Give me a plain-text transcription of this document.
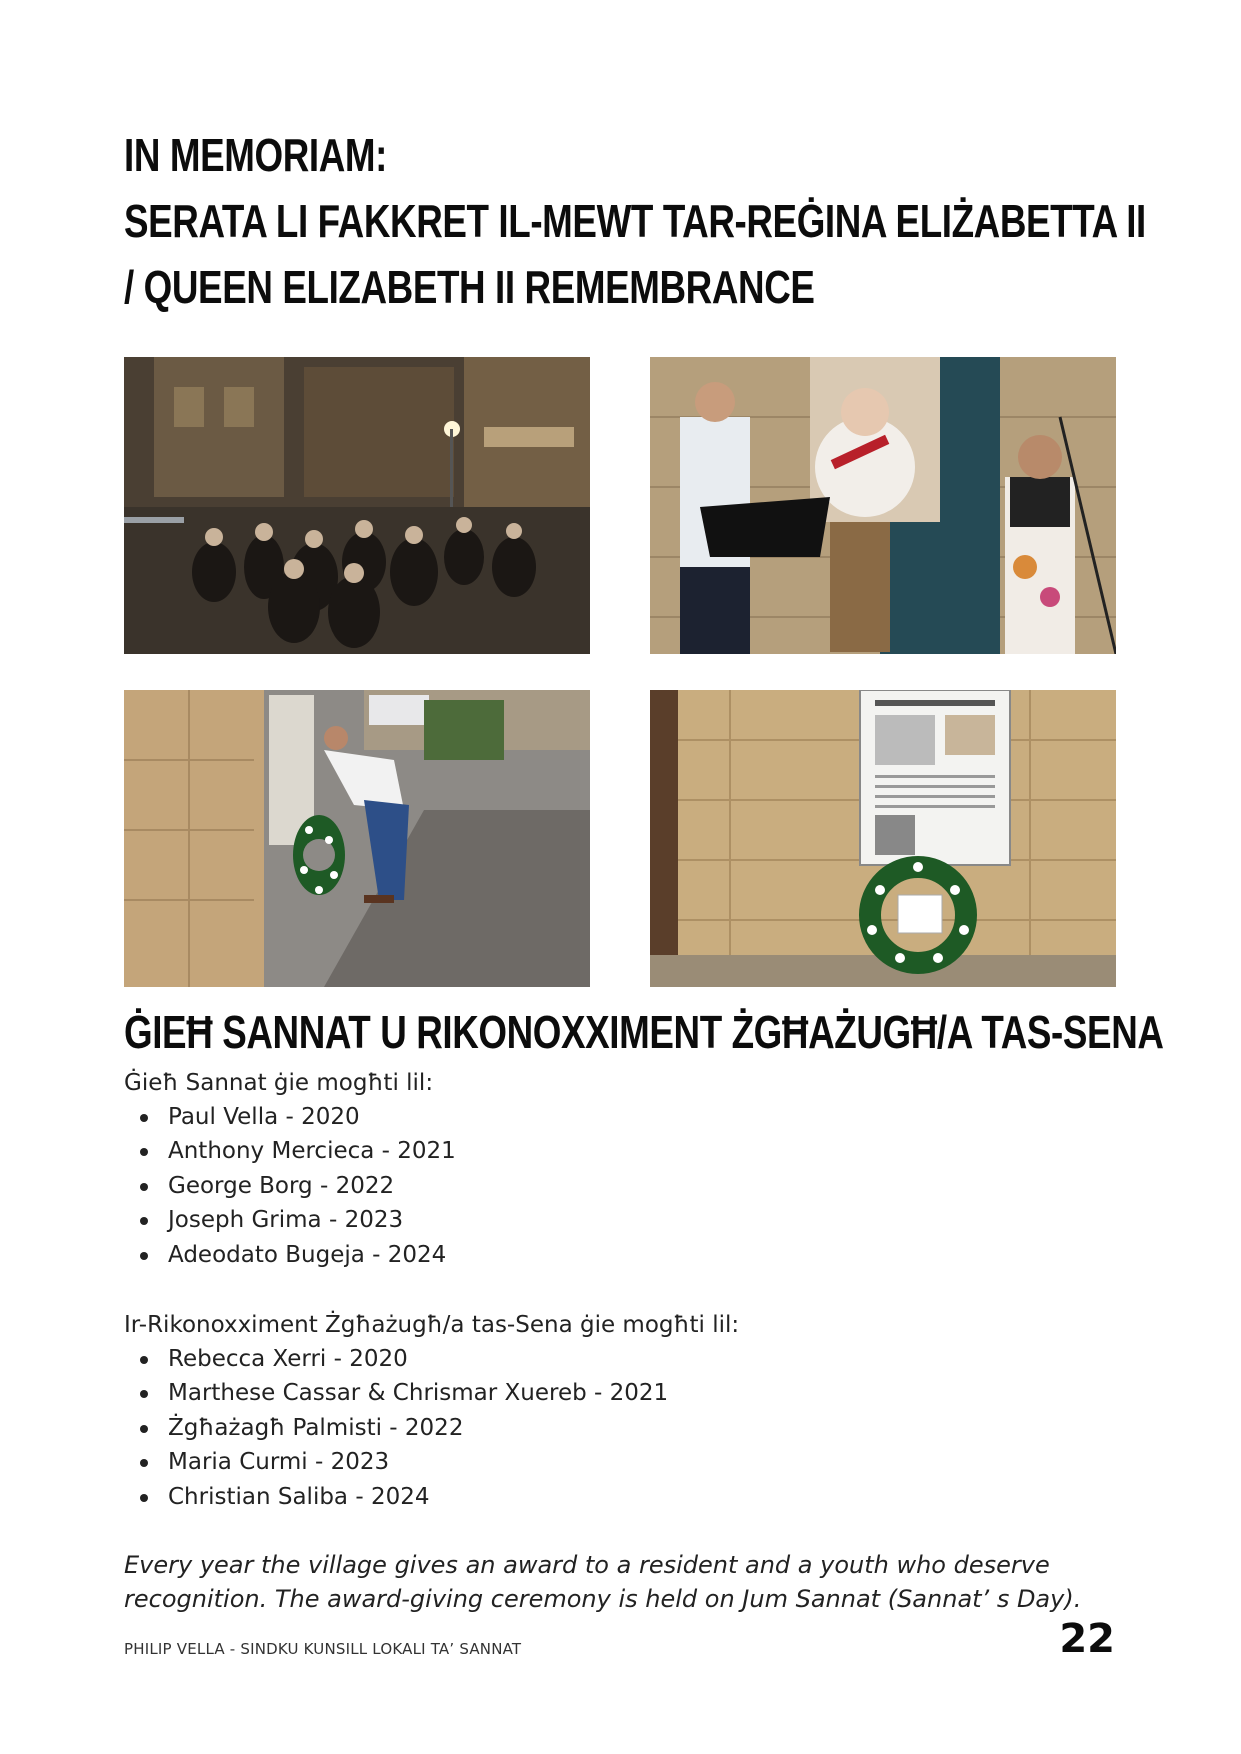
IN MEMORIAM:
SERATA LI FAKKRET IL-MEWT TAR-REĠINA ELIŻABETTA II
/ QUEEN ELIZABETH II REMEMBRANCE
ĠIEĦ SANNAT U RIKONOXXIMENT ŻGĦAŻUGĦ/A TAS-SENA

Ġieħ Sannat ġie mogħti lil:

Paul Vella - 2020
Anthony Mercieca - 2021
George Borg - 2022
Joseph Grima - 2023
Adeodato Bugeja - 2024

Ir-Rikonoxximent Żgħażugħ/a tas-Sena ġie mogħti lil:

Rebecca Xerri - 2020
Marthese Cassar & Chrismar Xuereb - 2021
Żgħażagħ Palmisti - 2022
Maria Curmi - 2023
Christian Saliba - 2024

Every year the village gives an award to a resident and a youth who deserve recognition. The award-giving ceremony is held on Jum Sannat (Sannat’ s Day).

PHILIP VELLA - SINDKU KUNSILL LOKALI TA’ SANNAT	22
